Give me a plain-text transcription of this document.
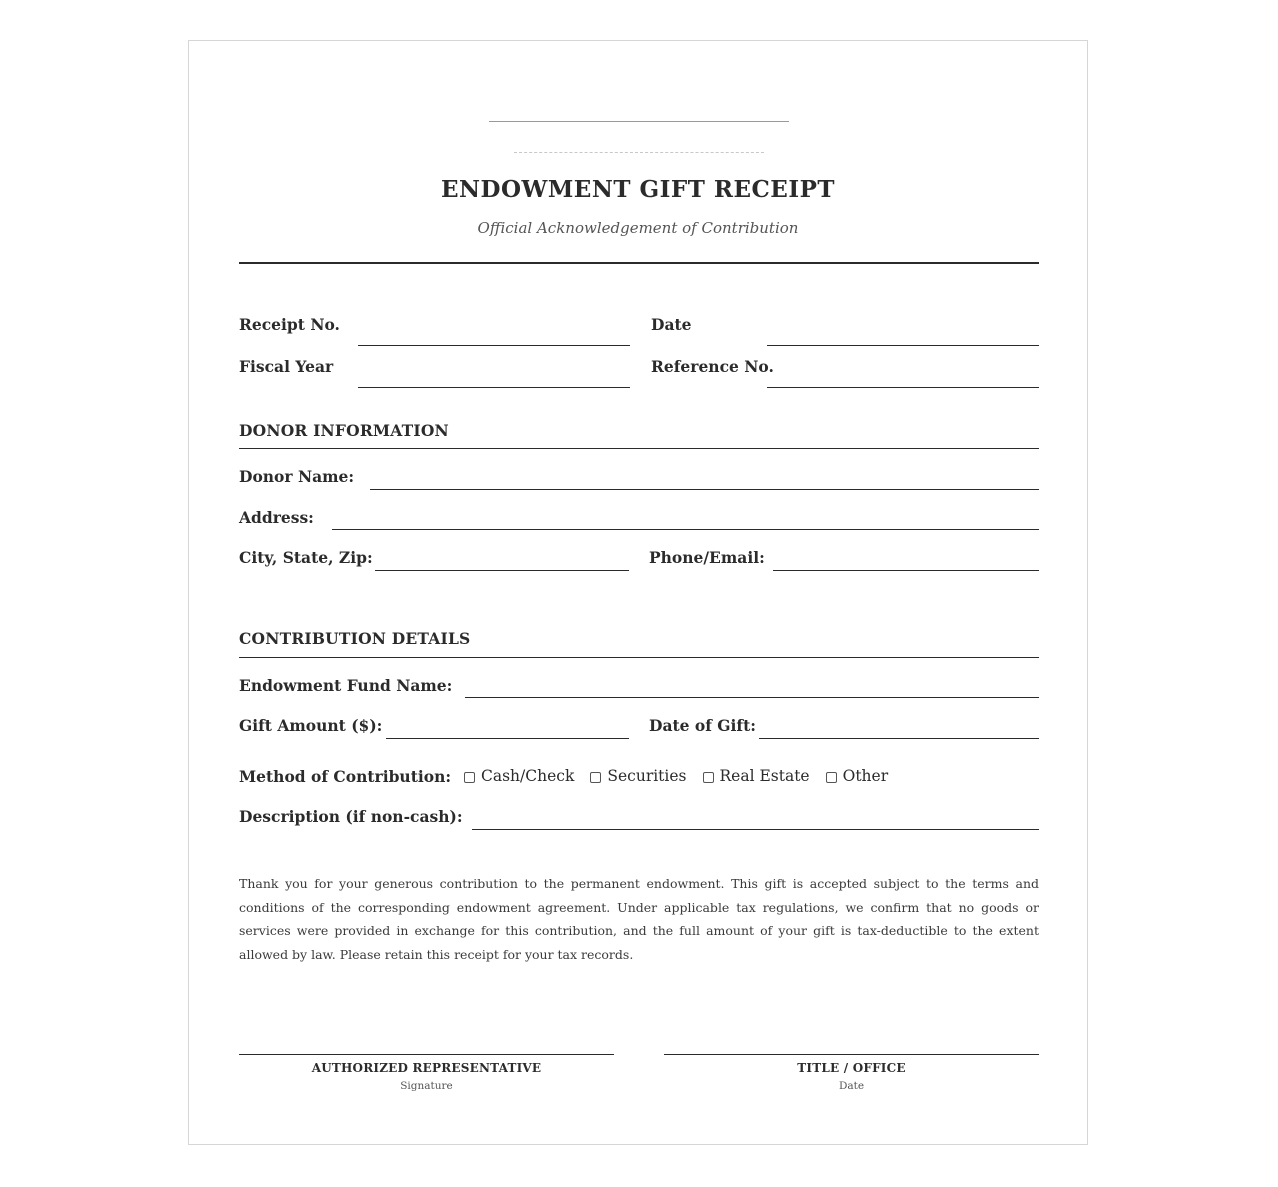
ENDOWMENT GIFT RECEIPT
Official Acknowledgement of Contribution
Receipt No.	Date
Fiscal Year	Reference No.
DONOR INFORMATION
Donor Name:
Address:
City, State, Zip:	Phone/Email:
CONTRIBUTION DETAILS
Endowment Fund Name:
Gift Amount ($):	Date of Gift:
Method of Contribution: Cash/Check Securities Real Estate Other
Description (if non-cash):
Thank you for your generous contribution to the permanent endowment. This gift is accepted subject to the terms and conditions of the corresponding endowment agreement. Under applicable tax regulations, we confirm that no goods or services were provided in exchange for this contribution, and the full amount of your gift is tax-deductible to the extent allowed by law. Please retain this receipt for your tax records.
AUTHORIZED REPRESENTATIVE
Signature
TITLE / OFFICE
Date
